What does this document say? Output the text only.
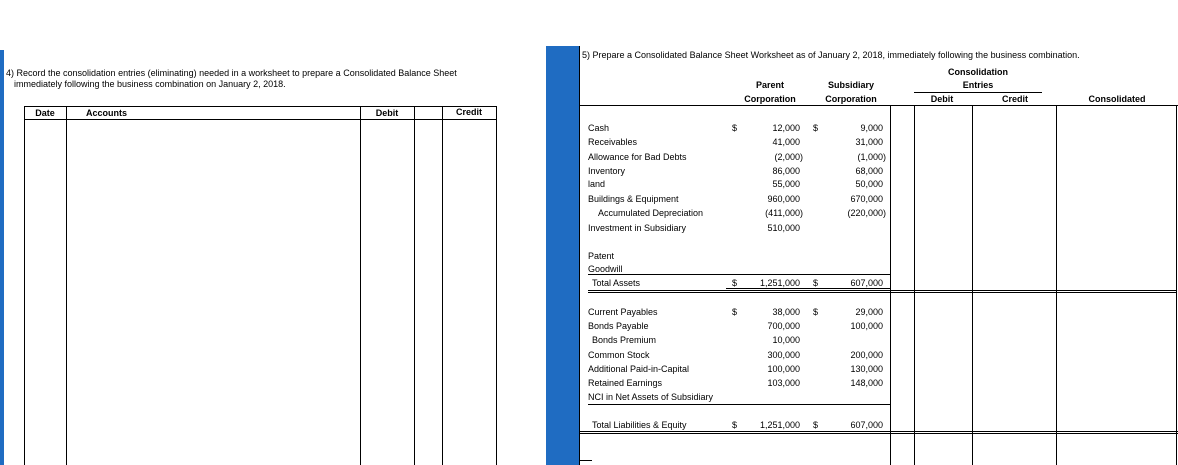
4) Record the consolidation entries (eliminating) needed in a worksheet to prepare a Consolidated Balance Sheet
immediately following the business combination on January 2, 2018.
Date	Accounts	Debit	Credit
5) Prepare a Consolidated Balance Sheet Worksheet as of January 2, 2018, immediately following the business combination.
Consolidation
Entries
Parent
Corporation
Subsidiary
Corporation	Debit	Credit	Consolidated
Cash	$	12,000 $	9,000
Receivables	41,000	31,000
Allowance for Bad Debts	(2,000)	(1,000)
Inventory	86,000	68,000
land	55,000	50,000
Buildings & Equipment	960,000	670,000
Accumulated Depreciation	(411,000)	(220,000)
Investment in Subsidiary	510,000
Patent
Goodwill
Total Assets	$	1,251,000 $	607,000
Current Payables	$	38,000 $	29,000
Bonds Payable	700,000	100,000
Bonds Premium	10,000
Common Stock	300,000	200,000
Additional Paid-in-Capital	100,000	130,000
Retained Earnings	103,000	148,000
NCI in Net Assets of Subsidiary
Total Liabilities & Equity	$	1,251,000 $	607,000
